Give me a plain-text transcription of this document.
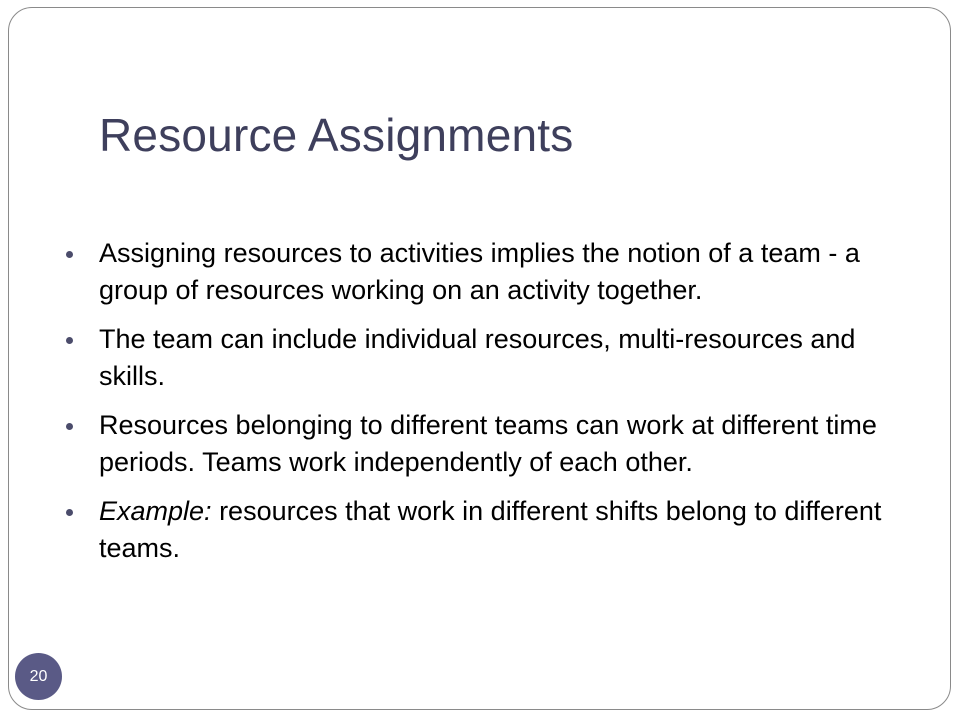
Resource Assignments
Assigning resources to activities implies the notion of a team - a group of resources working on an activity together.
The team can include individual resources, multi-resources and skills.
Resources belonging to different teams can work at different time periods. Teams work independently of each other.
Example: resources that work in different shifts belong to different teams.
20
